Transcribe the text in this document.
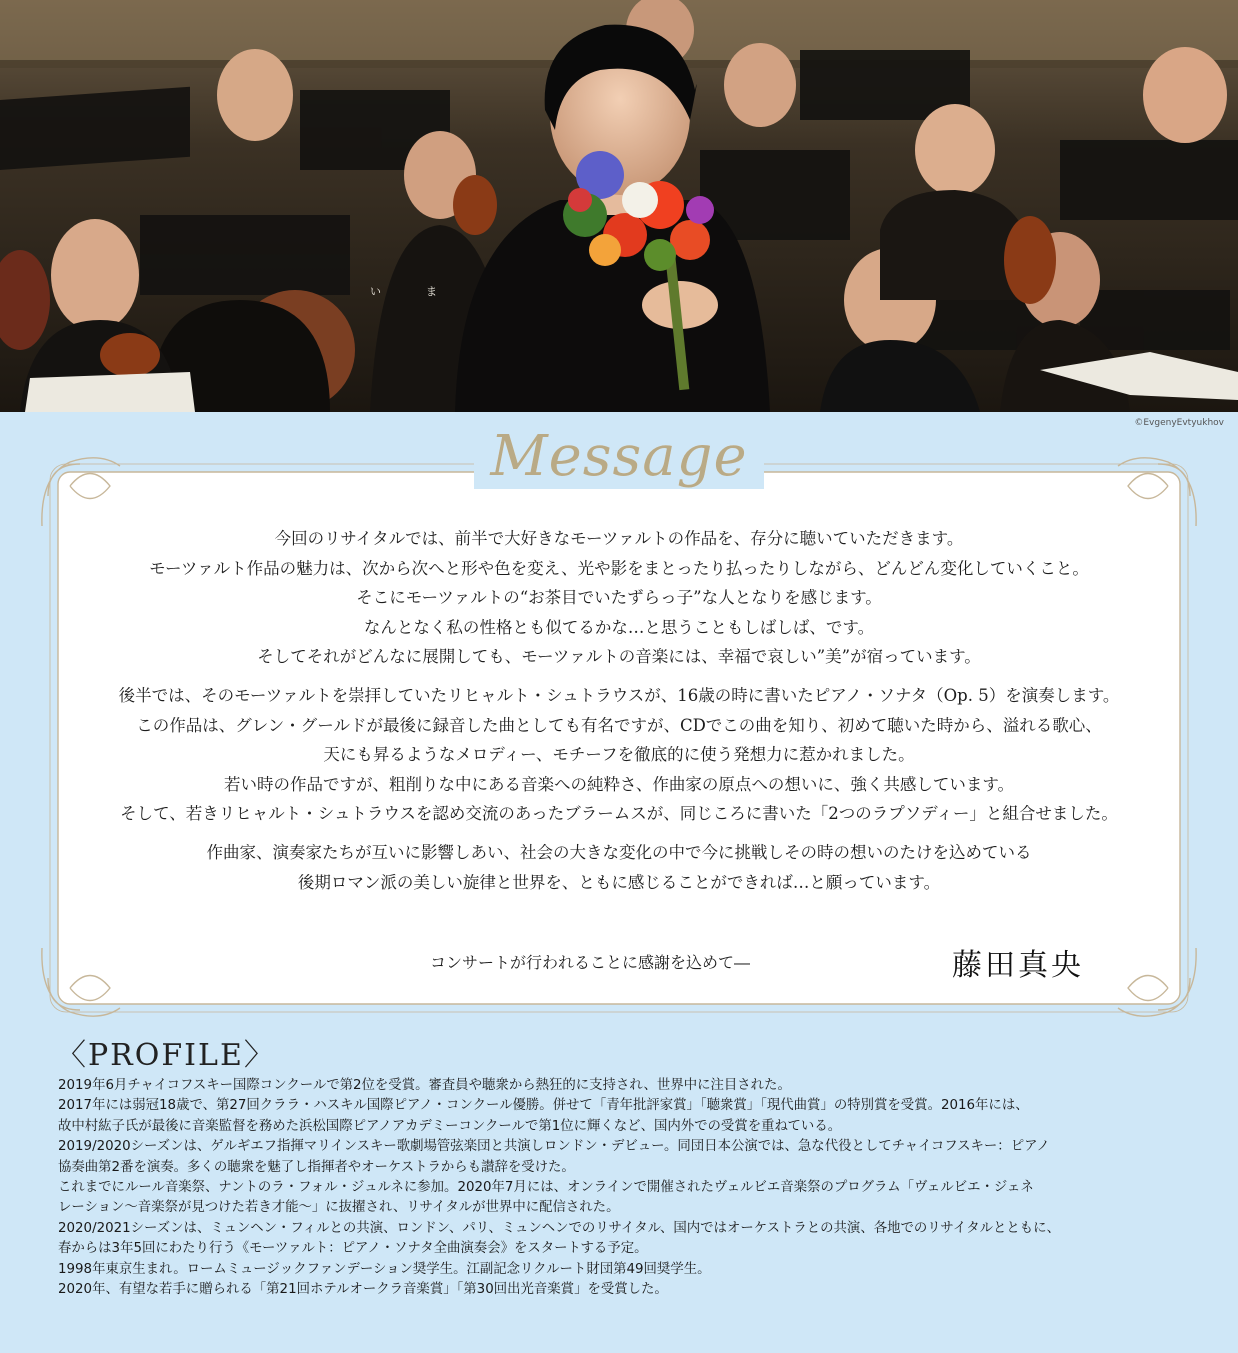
い	ま
©EvgenyEvtyukhov
Message

今回のリサイタルでは、前半で大好きなモーツァルトの作品を、存分に聴いていただきます。
モーツァルト作品の魅力は、次から次へと形や色を変え、光や影をまとったり払ったりしながら、どんどん変化していくこと。
そこにモーツァルトの“お茶目でいたずらっ子”な人となりを感じます。
なんとなく私の性格とも似てるかな…と思うこともしばしば、です。
そしてそれがどんなに展開しても、モーツァルトの音楽には、幸福で哀しい”美”が宿っています。

後半では、そのモーツァルトを崇拝していたリヒャルト・シュトラウスが、16歳の時に書いたピアノ・ソナタ（Op. 5）を演奏します。
この作品は、グレン・グールドが最後に録音した曲としても有名ですが、CDでこの曲を知り、初めて聴いた時から、溢れる歌心、
天にも昇るようなメロディー、モチーフを徹底的に使う発想力に惹かれました。
若い時の作品ですが、粗削りな中にある音楽への純粋さ、作曲家の原点への想いに、強く共感しています。
そして、若きリヒャルト・シュトラウスを認め交流のあったブラームスが、同じころに書いた「2つのラプソディー」と組合せました。

作曲家、演奏家たちが互いに影響しあい、社会の大きな変化の中で今に挑戦しその時の想いのたけを込めている
後期ロマン派の美しい旋律と世界を、ともに感じることができれば…と願っています。

コンサートが行われることに感謝を込めて―	藤田真央
〈PROFILE〉

2019年6月チャイコフスキー国際コンクールで第2位を受賞。審査員や聴衆から熱狂的に支持され、世界中に注目された。

2017年には弱冠18歳で、第27回クララ・ハスキル国際ピアノ・コンクール優勝。併せて「青年批評家賞」「聴衆賞」「現代曲賞」の特別賞を受賞。2016年には、

故中村紘子氏が最後に音楽監督を務めた浜松国際ピアノアカデミーコンクールで第1位に輝くなど、国内外での受賞を重ねている。

2019/2020シーズンは、ゲルギエフ指揮マリインスキー歌劇場管弦楽団と共演しロンドン・デビュー。同団日本公演では、急な代役としてチャイコフスキー：ピアノ

協奏曲第2番を演奏。多くの聴衆を魅了し指揮者やオーケストラからも讃辞を受けた。

これまでにルール音楽祭、ナントのラ・フォル・ジュルネに参加。2020年7月には、オンラインで開催されたヴェルビエ音楽祭のプログラム「ヴェルビエ・ジェネ

レーション～音楽祭が見つけた若き才能～」に抜擢され、リサイタルが世界中に配信された。

2020/2021シーズンは、ミュンヘン・フィルとの共演、ロンドン、パリ、ミュンヘンでのリサイタル、国内ではオーケストラとの共演、各地でのリサイタルとともに、

春からは3年5回にわたり行う《モーツァルト：ピアノ・ソナタ全曲演奏会》をスタートする予定。

1998年東京生まれ。ロームミュージックファンデーション奨学生。江副記念リクルート財団第49回奨学生。

2020年、有望な若手に贈られる「第21回ホテルオークラ音楽賞」「第30回出光音楽賞」を受賞した。
